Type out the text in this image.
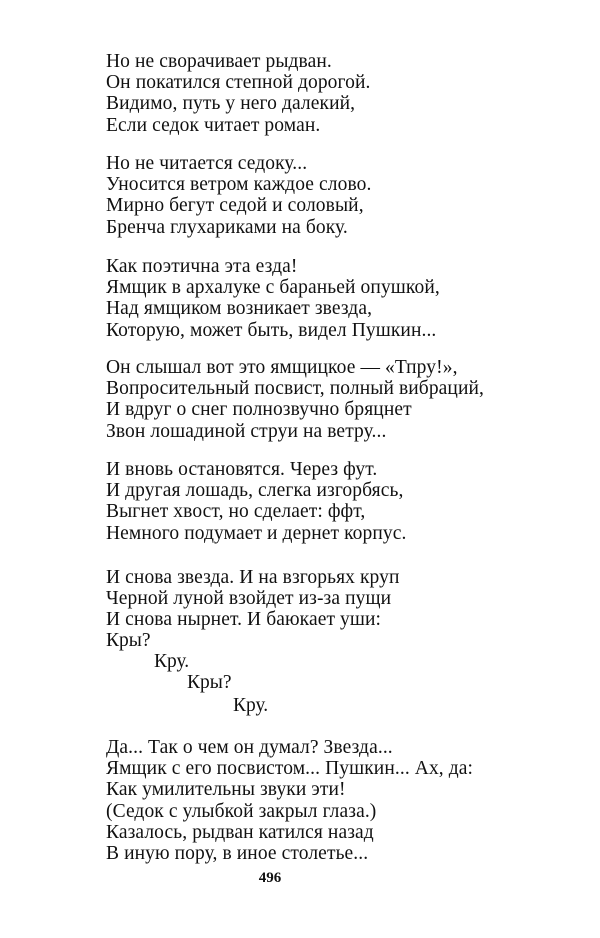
Но не сворачивает рыдван.
Он покатился степной дорогой.
Видимо, путь у него далекий,
Если седок читает роман.
Но не читается седоку...
Уносится ветром каждое слово.
Мирно бегут седой и соловый,
Бренча глухариками на боку.
Как поэтична эта езда!
Ямщик в архалуке с бараньей опушкой,
Над ямщиком возникает звезда,
Которую, может быть, видел Пушкин...
Он слышал вот это ямщицкое — «Тпру!»,
Вопросительный посвист, полный вибраций,
И вдруг о снег полнозвучно бряцнет
Звон лошадиной струи на ветру...
И вновь остановятся. Через фут.
И другая лошадь, слегка изгорбясь,
Выгнет хвост, но сделает: ффт,
Немного подумает и дернет корпус.
И снова звезда. И на взгорьях круп
Черной луной взойдет из-за пущи
И снова нырнет. И баюкает уши:
Кры?
Кру.
Кры?
Кру.
Да... Так о чем он думал? Звезда...
Ямщик с его посвистом... Пушкин... Ах, да:
Как умилительны звуки эти!
(Седок с улыбкой закрыл глаза.)
Казалось, рыдван катился назад
В иную пору, в иное столетье...
496
